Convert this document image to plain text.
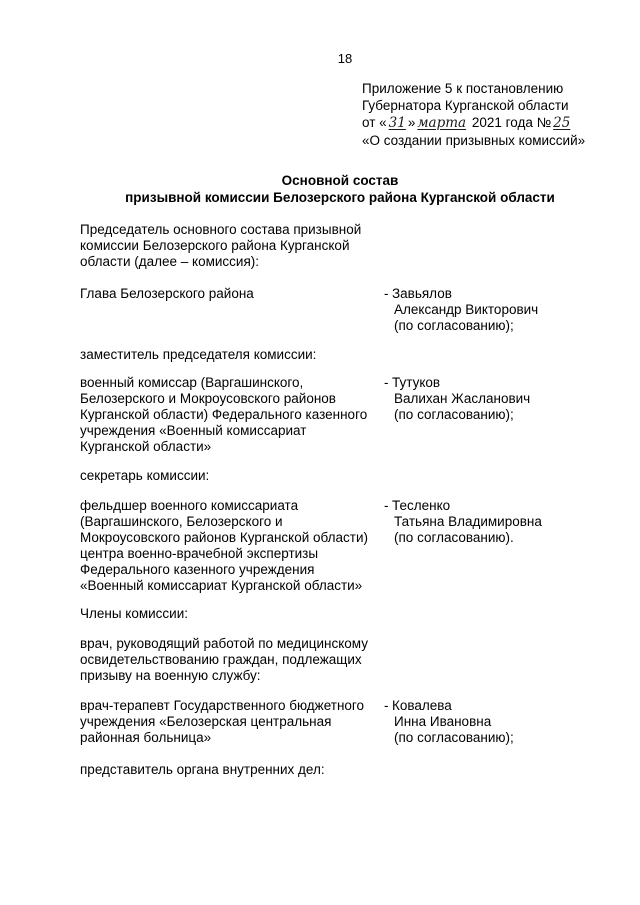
18
Приложение 5 к постановлению
Губернатора Курганской области
от « 31 » марта 2021 года № 25
«О создании призывных комиссий»
Основной состав
призывной комиссии Белозерского района Курганской области
Председатель основного состава призывной
комиссии Белозерского района Курганской
области (далее – комиссия):
Глава Белозерского района	- Завьялов
Александр Викторович
(по согласованию);
заместитель председателя комиссии:
военный комиссар (Варгашинского,
Белозерского и Мокроусовского районов
Курганской области) Федерального казенного
учреждения «Военный комиссариат
Курганской области»
- Тутуков
Валихан Жасланович
(по согласованию);
секретарь комиссии:
фельдшер военного комиссариата
(Варгашинского, Белозерского и
Мокроусовского районов Курганской области)
центра военно-врачебной экспертизы
Федерального казенного учреждения
«Военный комиссариат Курганской области»
- Тесленко
Татьяна Владимировна
(по согласованию).
Члены комиссии:
врач, руководящий работой по медицинскому
освидетельствованию граждан, подлежащих
призыву на военную службу:
врач-терапевт Государственного бюджетного
учреждения «Белозерская центральная
районная больница»
- Ковалева
Инна Ивановна
(по согласованию);
представитель органа внутренних дел:
